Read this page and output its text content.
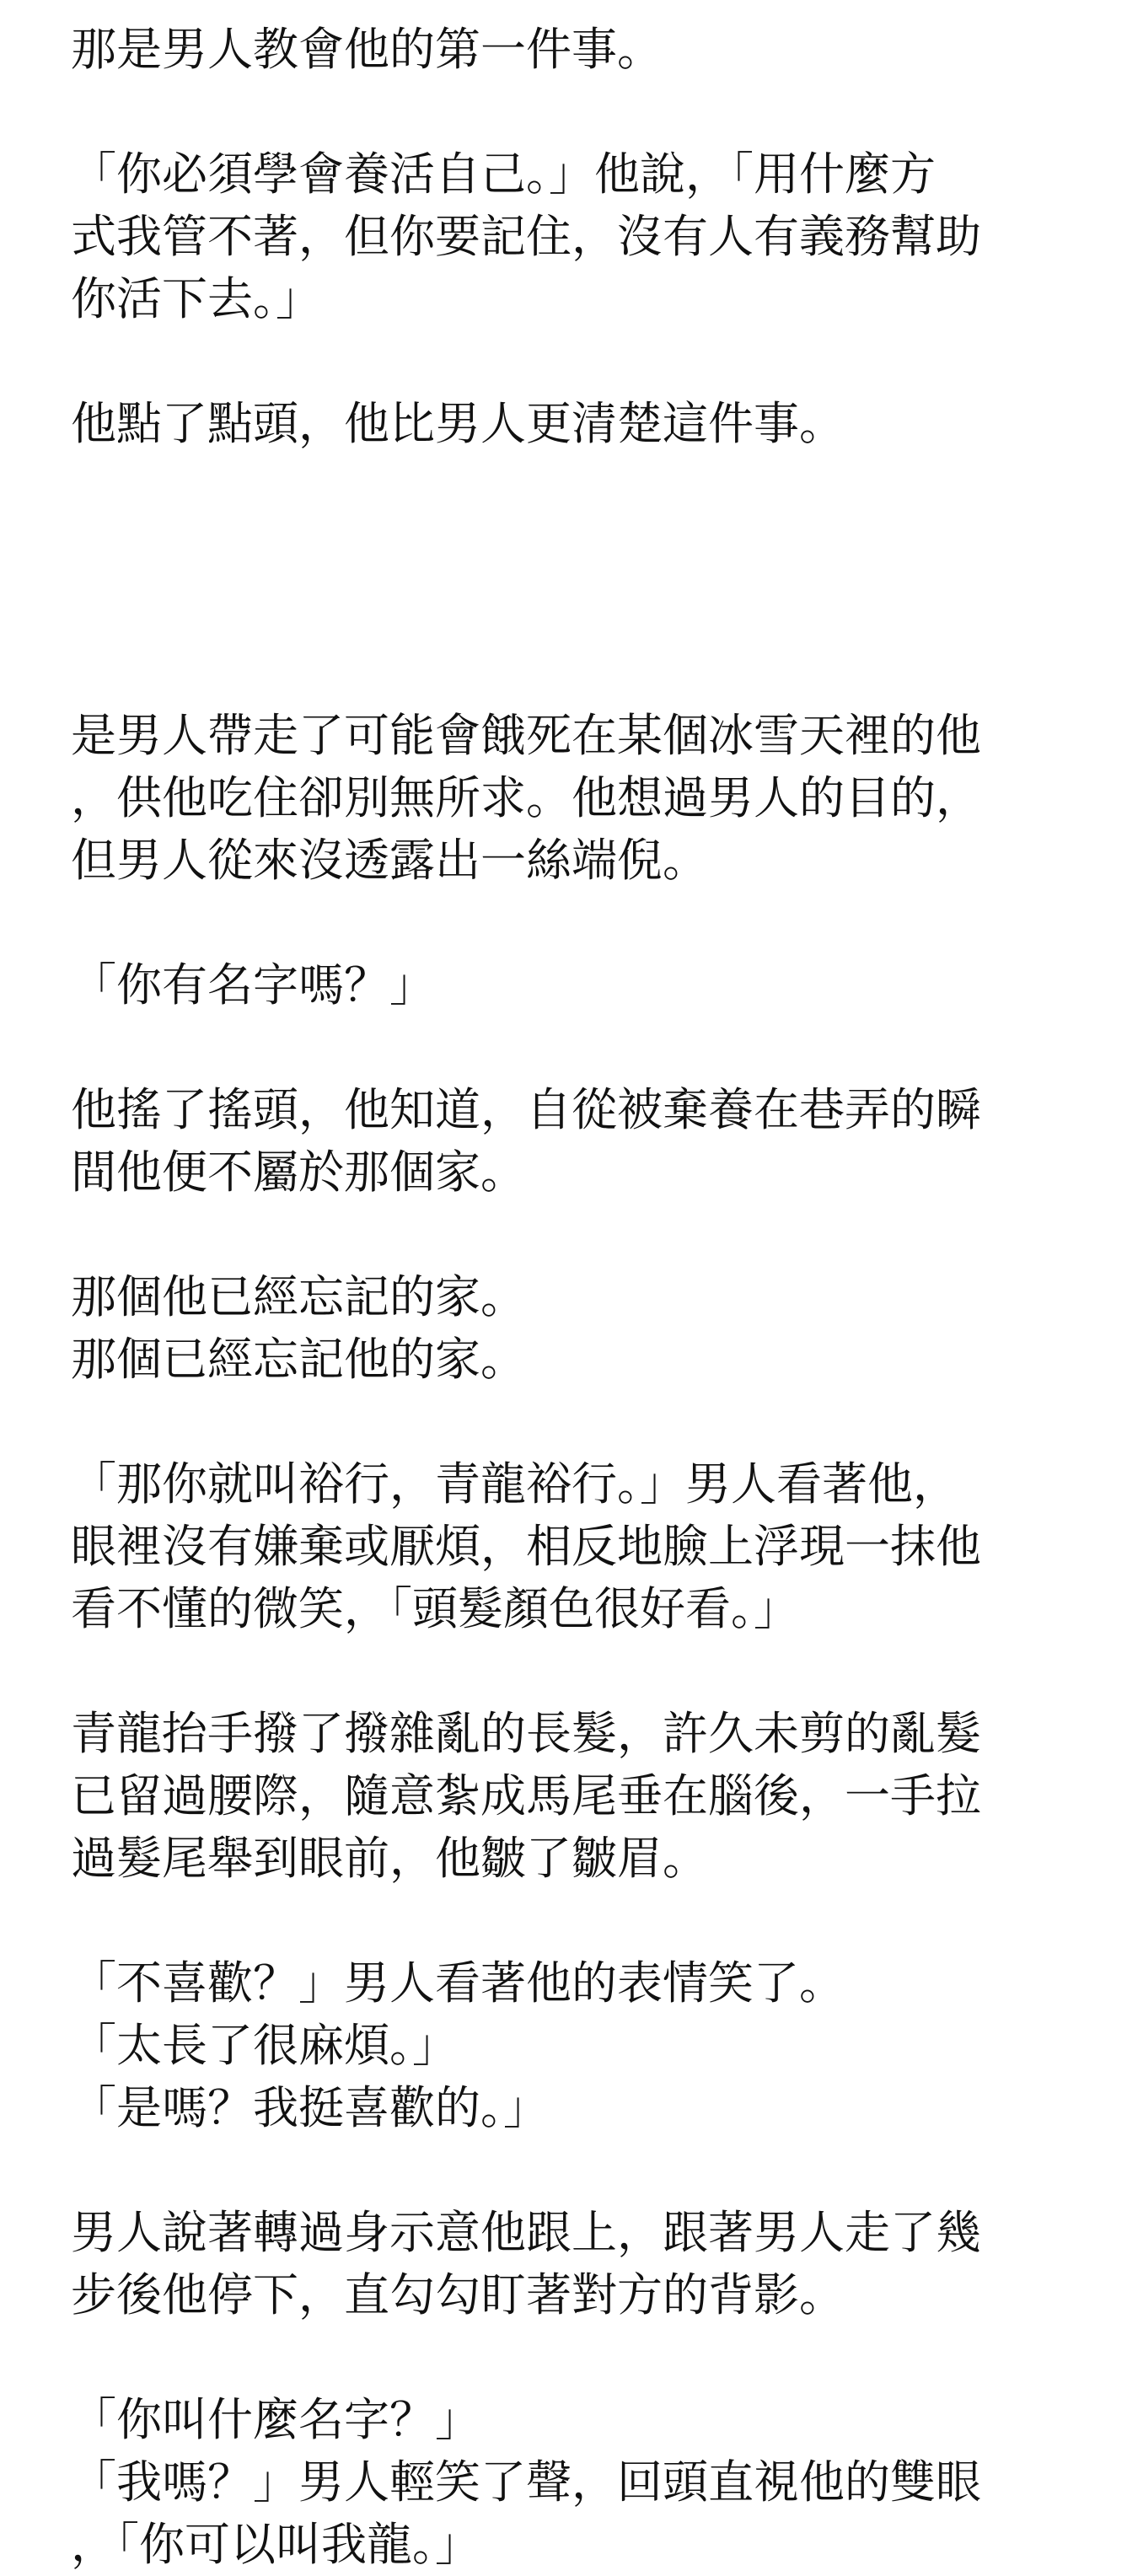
那是男人教會他的第一件事。
「你必須學會養活自己。」他說，「用什麼方
式我管不著，但你要記住，沒有人有義務幫助
你活下去。」
他點了點頭，他比男人更清楚這件事。
是男人帶走了可能會餓死在某個冰雪天裡的他
，供他吃住卻別無所求。他想過男人的目的，
但男人從來沒透露出一絲端倪。
「你有名字嗎？」
他搖了搖頭，他知道，自從被棄養在巷弄的瞬
間他便不屬於那個家。
那個他已經忘記的家。
那個已經忘記他的家。
「那你就叫裕行，青龍裕行。」男人看著他，
眼裡沒有嫌棄或厭煩，相反地臉上浮現一抹他
看不懂的微笑，「頭髮顏色很好看。」
青龍抬手撥了撥雜亂的長髮，許久未剪的亂髮
已留過腰際，隨意紮成馬尾垂在腦後，一手拉
過髮尾舉到眼前，他皺了皺眉。
「不喜歡？」男人看著他的表情笑了。
「太長了很麻煩。」
「是嗎？我挺喜歡的。」
男人說著轉過身示意他跟上，跟著男人走了幾
步後他停下，直勾勾盯著對方的背影。
「你叫什麼名字？」
「我嗎？」男人輕笑了聲，回頭直視他的雙眼
，「你可以叫我龍。」
